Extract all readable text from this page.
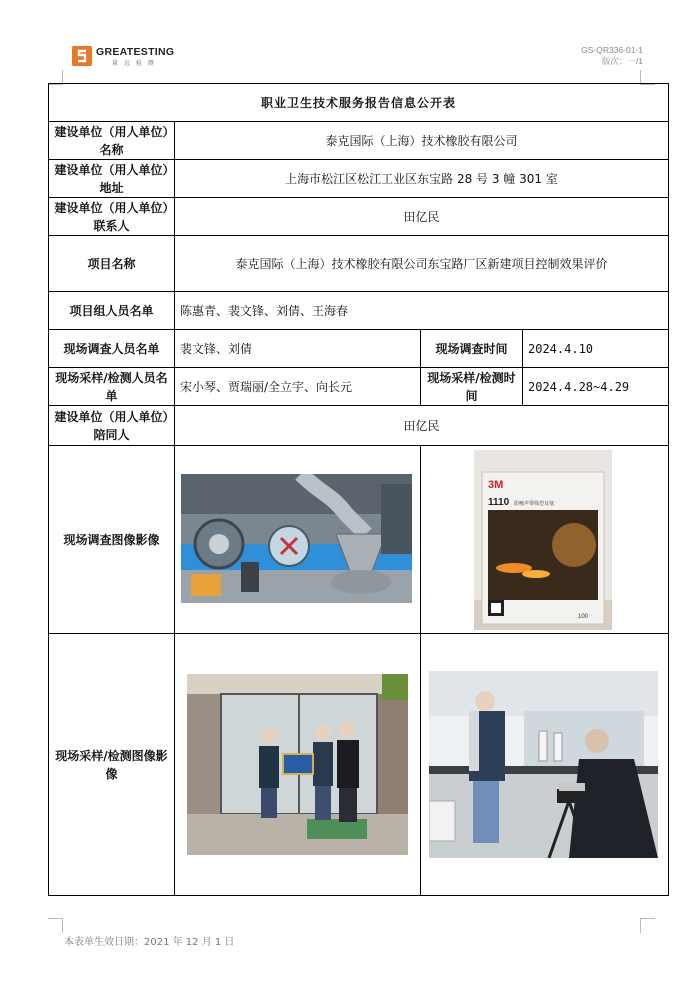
GREATESTING
量 远 检 测
GS-QR336-01-1
版次：一/1
职业卫生技术服务报告信息公开表			
建设单位（用人单位）名称	泰克国际（上海）技术橡胶有限公司		
建设单位（用人单位）地址	上海市松江区松江工业区东宝路 28 号 3 幢 301 室		
建设单位（用人单位）联系人	田亿民		
项目名称	泰克国际（上海）技术橡胶有限公司东宝路厂区新建项目控制效果评价		
项目组人员名单	陈惠青、裴文锋、刘倩、王海春		
现场调查人员名单	裴文锋、刘倩	现场调查时间	2024.4.10
现场采样/检测人员名单	宋小琴、贾瑞丽/全立宇、向长元	现场采样/检测时间	2024.4.28~4.29
建设单位（用人单位）陪同人	田亿民		
现场调查图像影像		3M
1110 防噪声带线型耳塞
100	

现场采样/检测图像影像	

本表单生效日期：2021 年 12 月 1 日
